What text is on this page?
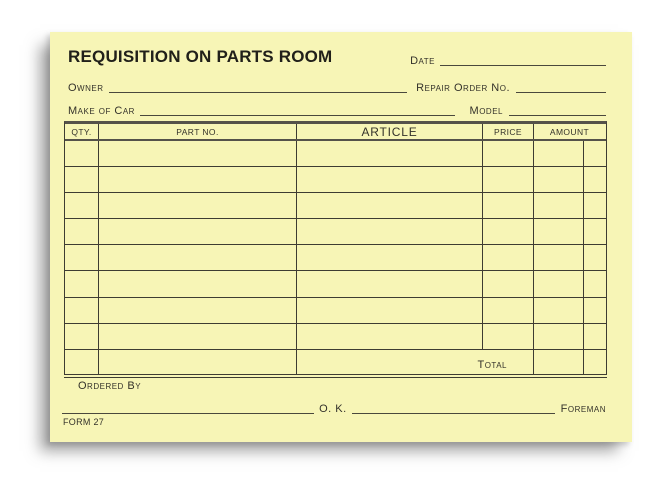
REQUISITION ON PARTS ROOM	Date
Owner	Repair Order No.
Make of Car	Model
QTY.	PART NO.	ARTICLE	PRICE	AMOUNT
Total
Ordered By
O. K.	Foreman
FORM 27
